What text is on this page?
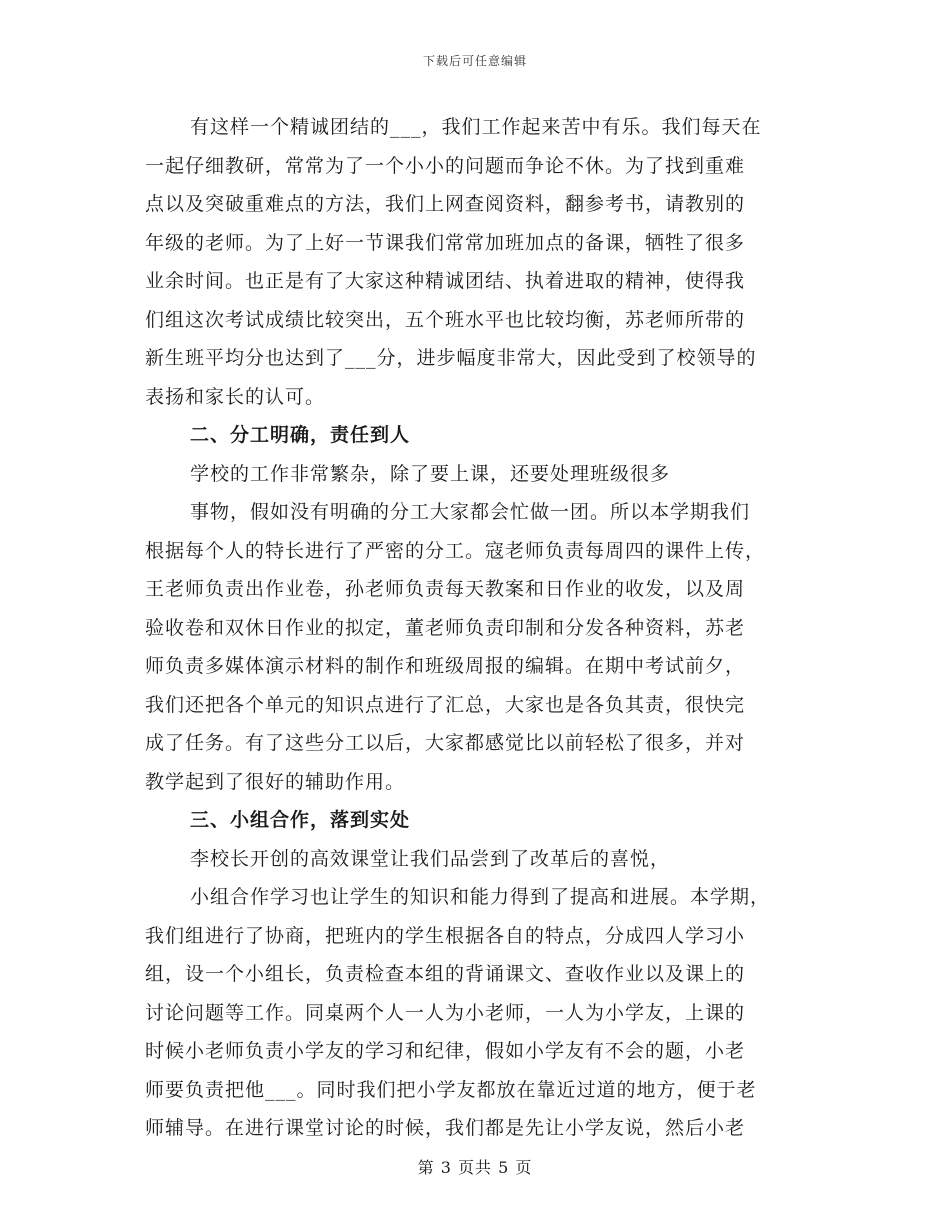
下载后可任意编辑
有这样一个精诚团结的___，我们工作起来苦中有乐。我们每天在
一起仔细教研，常常为了一个小小的问题而争论不休。为了找到重难
点以及突破重难点的方法，我们上网查阅资料，翻参考书，请教别的
年级的老师。为了上好一节课我们常常加班加点的备课，牺牲了很多
业余时间。也正是有了大家这种精诚团结、执着进取的精神，使得我
们组这次考试成绩比较突出，五个班水平也比较均衡，苏老师所带的
新生班平均分也达到了___分，进步幅度非常大，因此受到了校领导的
表扬和家长的认可。
二、分工明确，责任到人
学校的工作非常繁杂，除了要上课，还要处理班级很多
事物，假如没有明确的分工大家都会忙做一团。所以本学期我们
根据每个人的特长进行了严密的分工。寇老师负责每周四的课件上传，
王老师负责出作业卷，孙老师负责每天教案和日作业的收发，以及周
验收卷和双休日作业的拟定，董老师负责印制和分发各种资料，苏老
师负责多媒体演示材料的制作和班级周报的编辑。在期中考试前夕，
我们还把各个单元的知识点进行了汇总，大家也是各负其责，很快完
成了任务。有了这些分工以后，大家都感觉比以前轻松了很多，并对
教学起到了很好的辅助作用。
三、小组合作，落到实处
李校长开创的高效课堂让我们品尝到了改革后的喜悦，
小组合作学习也让学生的知识和能力得到了提高和进展。本学期，
我们组进行了协商，把班内的学生根据各自的特点，分成四人学习小
组，设一个小组长，负责检查本组的背诵课文、查收作业以及课上的
讨论问题等工作。同桌两个人一人为小老师，一人为小学友，上课的
时候小老师负责小学友的学习和纪律，假如小学友有不会的题，小老
师要负责把他___。同时我们把小学友都放在靠近过道的地方，便于老
师辅导。在进行课堂讨论的时候，我们都是先让小学友说，然后小老
第 3 页共 5 页
